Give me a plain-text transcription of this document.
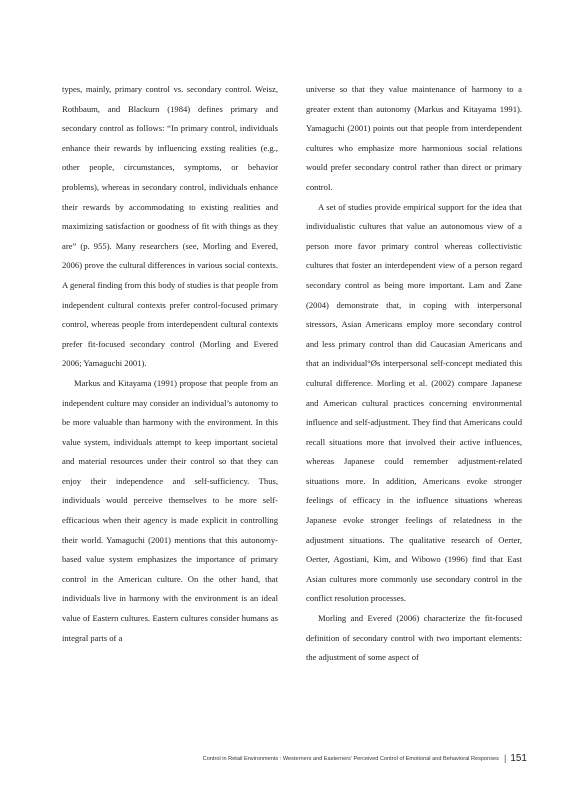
types, mainly, primary control vs. secondary control. Weisz, Rothbaum, and Blackurn (1984) defines primary and secondary control as follows: “In primary control, individuals enhance their rewards by influencing exsting realities (e.g., other people, circumstances, symptoms, or behavior problems), whereas in secondary control, individuals enhance their rewards by accommodating to existing realities and maximizing satisfaction or goodness of fit with things as they are” (p. 955). Many researchers (see, Morling and Evered, 2006) prove the cultural differences in various social contexts. A general finding from this body of studies is that people from independent cultural contexts prefer control-focused primary control, whereas people from interdependent cultural contexts prefer fit-focused secondary control (Morling and Evered 2006; Yamaguchi 2001).

Markus and Kitayama (1991) propose that people from an independent culture may consider an individual’s autonomy to be more valuable than harmony with the environment. In this value system, individuals attempt to keep important societal and material resources under their control so that they can enjoy their independence and self-sufficiency. Thus, individuals would perceive themselves to be more self-efficacious when their agency is made explicit in controlling their world. Yamaguchi (2001) mentions that this autonomy-based value system emphasizes the importance of primary control in the American culture. On the other hand, that individuals live in harmony with the environment is an ideal value of Eastern cultures. Eastern cultures consider humans as integral parts of a

universe so that they value maintenance of harmony to a greater extent than autonomy (Markus and Kitayama 1991). Yamaguchi (2001) points out that people from interdependent cultures who emphasize more harmonious social relations would prefer secondary control rather than direct or primary control.

A set of studies provide empirical support for the idea that individualistic cultures that value an autonomous view of a person more favor primary control whereas collectivistic cultures that foster an interdependent view of a person regard secondary control as being more important. Lam and Zane (2004) demonstrate that, in coping with interpersonal stressors, Asian Americans employ more secondary control and less primary control than did Caucasian Americans and that an individual°Øs interpersonal self-concept mediated this cultural difference. Morling et al. (2002) compare Japanese and American cultural practices concerning environmental influence and self-adjustment. They find that Americans could recall situations more that involved their active influences, whereas Japanese could remember adjustment-related situations more. In addition, Americans evoke stronger feelings of efficacy in the influence situations whereas Japanese evoke stronger feelings of relatedness in the adjustment situations. The qualitative research of Oerter, Oerter, Agostiani, Kim, and Wibowo (1996) find that East Asian cultures more commonly use secondary control in the conflict resolution processes.

Morling and Evered (2006) characterize the fit-focused definition of secondary control with two important elements: the adjustment of some aspect of

Control in Retail Environments : Westerners and Easterners’ Perceived Control of Emotional and Behavioral Responses | 151
